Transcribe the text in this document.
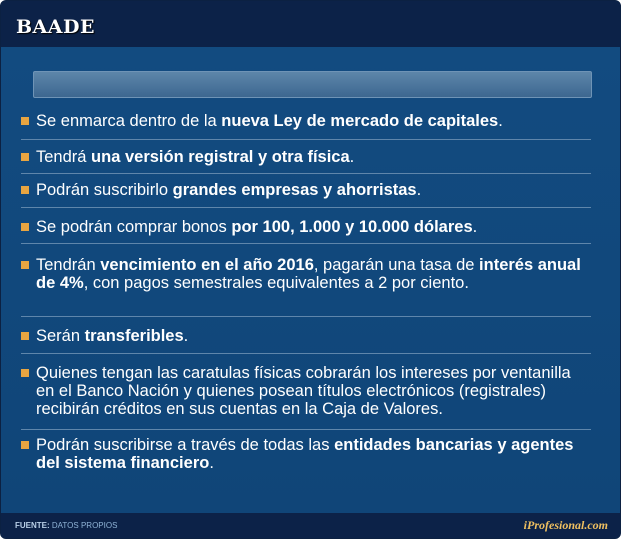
BAADE
Se enmarca dentro de la nueva Ley de mercado de capitales.
Tendrá una versión registral y otra física.
Podrán suscribirlo grandes empresas y ahorristas.
Se podrán comprar bonos por 100, 1.000 y 10.000 dólares.
Tendrán vencimiento en el año 2016, pagarán una tasa de interés anual de 4%, con pagos semestrales equivalentes a 2 por ciento.
Serán transferibles.
Quienes tengan las caratulas físicas cobrarán los intereses por ventanilla en el Banco Nación y quienes posean títulos electrónicos (registrales) recibirán créditos en sus cuentas en la Caja de Valores.
Podrán suscribirse a través de todas las entidades bancarias y agentes del sistema financiero.
FUENTE: DATOS PROPIOS	iProfesional.com
